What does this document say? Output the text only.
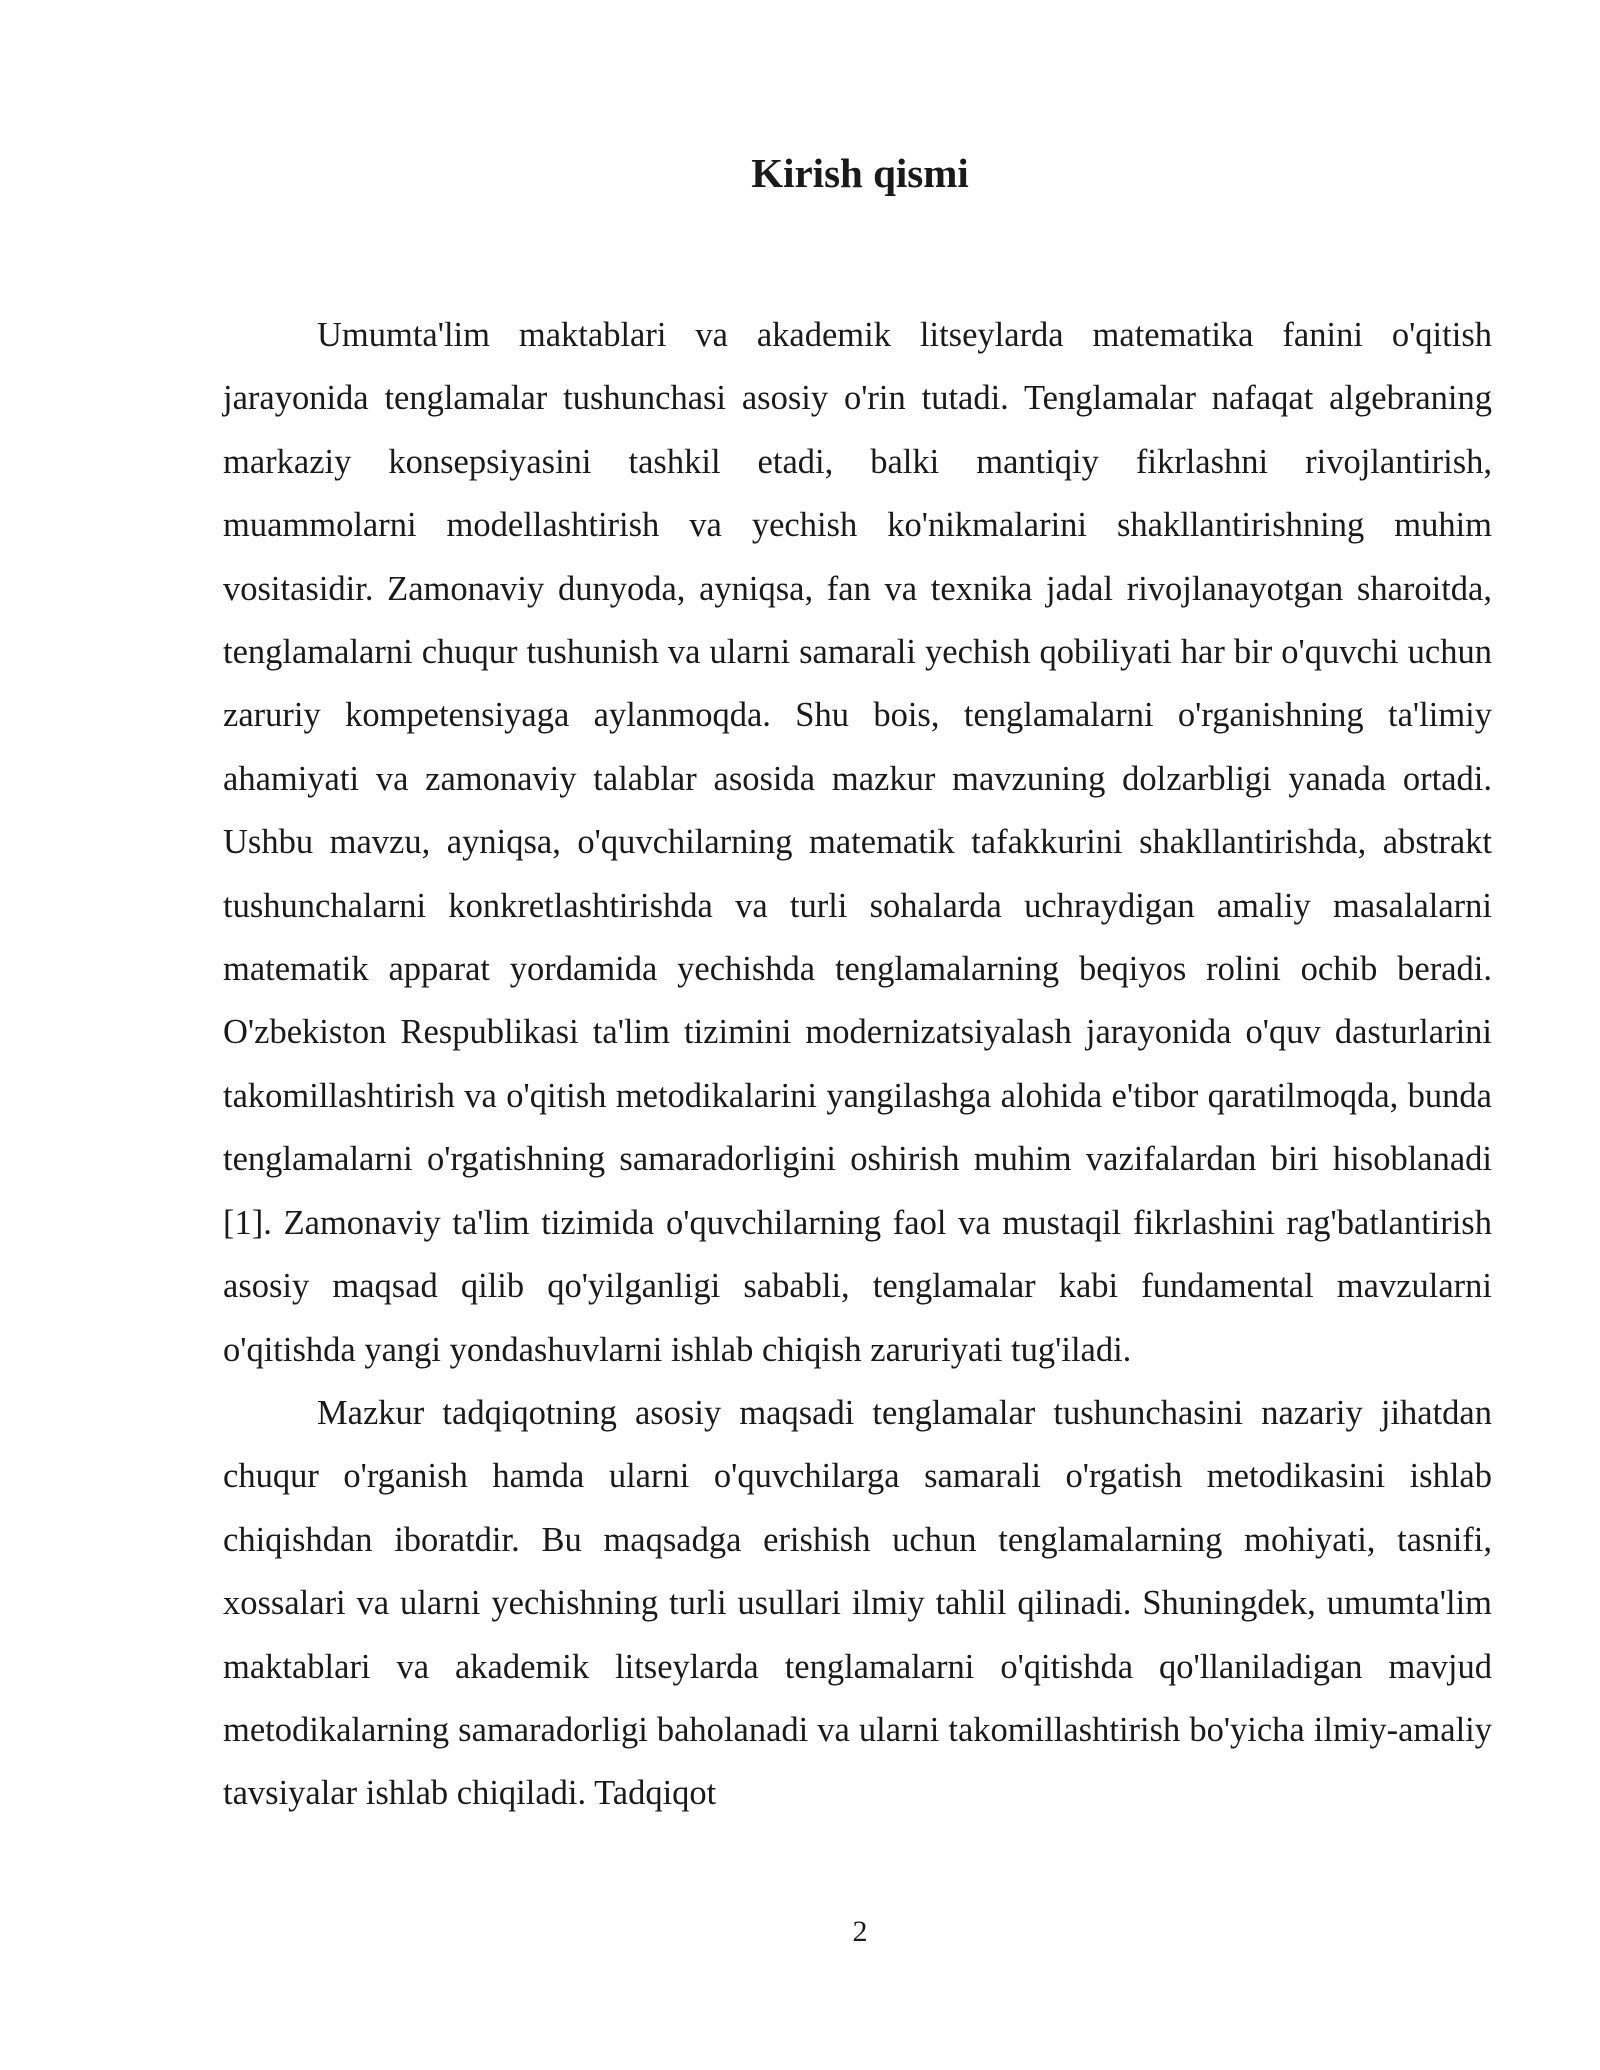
Kirish qismi

Umumta'lim maktablari va akademik litseylarda matematika fanini o'qitish jarayonida tenglamalar tushunchasi asosiy o'rin tutadi. Tenglamalar nafaqat algebraning markaziy konsepsiyasini tashkil etadi, balki mantiqiy fikrlashni rivojlantirish, muammolarni modellashtirish va yechish ko'nikmalarini shakllantirishning muhim vositasidir. Zamonaviy dunyoda, ayniqsa, fan va texnika jadal rivojlanayotgan sharoitda, tenglamalarni chuqur tushunish va ularni samarali yechish qobiliyati har bir o'quvchi uchun zaruriy kompetensiyaga aylanmoqda. Shu bois, tenglamalarni o'rganishning ta'limiy ahamiyati va zamonaviy talablar asosida mazkur mavzuning dolzarbligi yanada ortadi. Ushbu mavzu, ayniqsa, o'quvchilarning matematik tafakkurini shakllantirishda, abstrakt tushunchalarni konkretlashtirishda va turli sohalarda uchraydigan amaliy masalalarni matematik apparat yordamida yechishda tenglamalarning beqiyos rolini ochib beradi. O'zbekiston Respublikasi ta'lim tizimini modernizatsiyalash jarayonida o'quv dasturlarini takomillashtirish va o'qitish metodikalarini yangilashga alohida e'tibor qaratilmoqda, bunda tenglamalarni o'rgatishning samaradorligini oshirish muhim vazifalardan biri hisoblanadi [1]. Zamonaviy ta'lim tizimida o'quvchilarning faol va mustaqil fikrlashini rag'batlantirish asosiy maqsad qilib qo'yilganligi sababli, tenglamalar kabi fundamental mavzularni o'qitishda yangi yondashuvlarni ishlab chiqish zaruriyati tug'iladi.

Mazkur tadqiqotning asosiy maqsadi tenglamalar tushunchasini nazariy jihatdan chuqur o'rganish hamda ularni o'quvchilarga samarali o'rgatish metodikasini ishlab chiqishdan iboratdir. Bu maqsadga erishish uchun tenglamalarning mohiyati, tasnifi, xossalari va ularni yechishning turli usullari ilmiy tahlil qilinadi. Shuningdek, umumta'lim maktablari va akademik litseylarda tenglamalarni o'qitishda qo'llaniladigan mavjud metodikalarning samaradorligi baholanadi va ularni takomillashtirish bo'yicha ilmiy-amaliy tavsiyalar ishlab chiqiladi. Tadqiqot

2
